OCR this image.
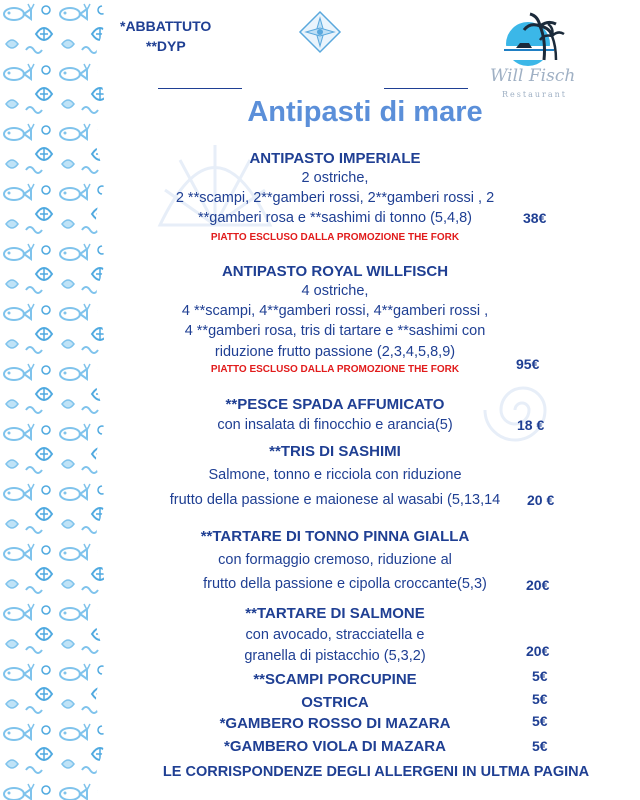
*ABBATTUTO
**DYP
Will Fisch
Restaurant
Antipasti di mare
ANTIPASTO IMPERIALE
2 ostriche,
2 **scampi, 2**gamberi rossi, 2**gamberi rossi , 2
**gamberi rosa e **sashimi di tonno (5,4,8)
PIATTO ESCLUSO DALLA PROMOZIONE THE FORK
38€
ANTIPASTO ROYAL WILLFISCH
4 ostriche,
4 **scampi, 4**gamberi rossi, 4**gamberi rossi ,
4 **gamberi rosa, tris di tartare e **sashimi con
riduzione frutto passione (2,3,4,5,8,9)
PIATTO ESCLUSO DALLA PROMOZIONE THE FORK	95€
**PESCE SPADA AFFUMICATO
con insalata di finocchio e arancia(5)	18 €
**TRIS DI SASHIMI
Salmone, tonno e ricciola con riduzione
frutto della passione e maionese al wasabi (5,13,14	20 €
**TARTARE DI TONNO PINNA GIALLA
con formaggio cremoso, riduzione al
frutto della passione e cipolla croccante(5,3)	20€
**TARTARE DI SALMONE
con avocado, stracciatella e
granella di pistacchio (5,3,2)	20€
**SCAMPI PORCUPINE	5€
OSTRICA	5€
*GAMBERO ROSSO DI MAZARA	5€
*GAMBERO VIOLA DI MAZARA	5€
LE CORRISPONDENZE DEGLI ALLERGENI IN ULTMA PAGINA
